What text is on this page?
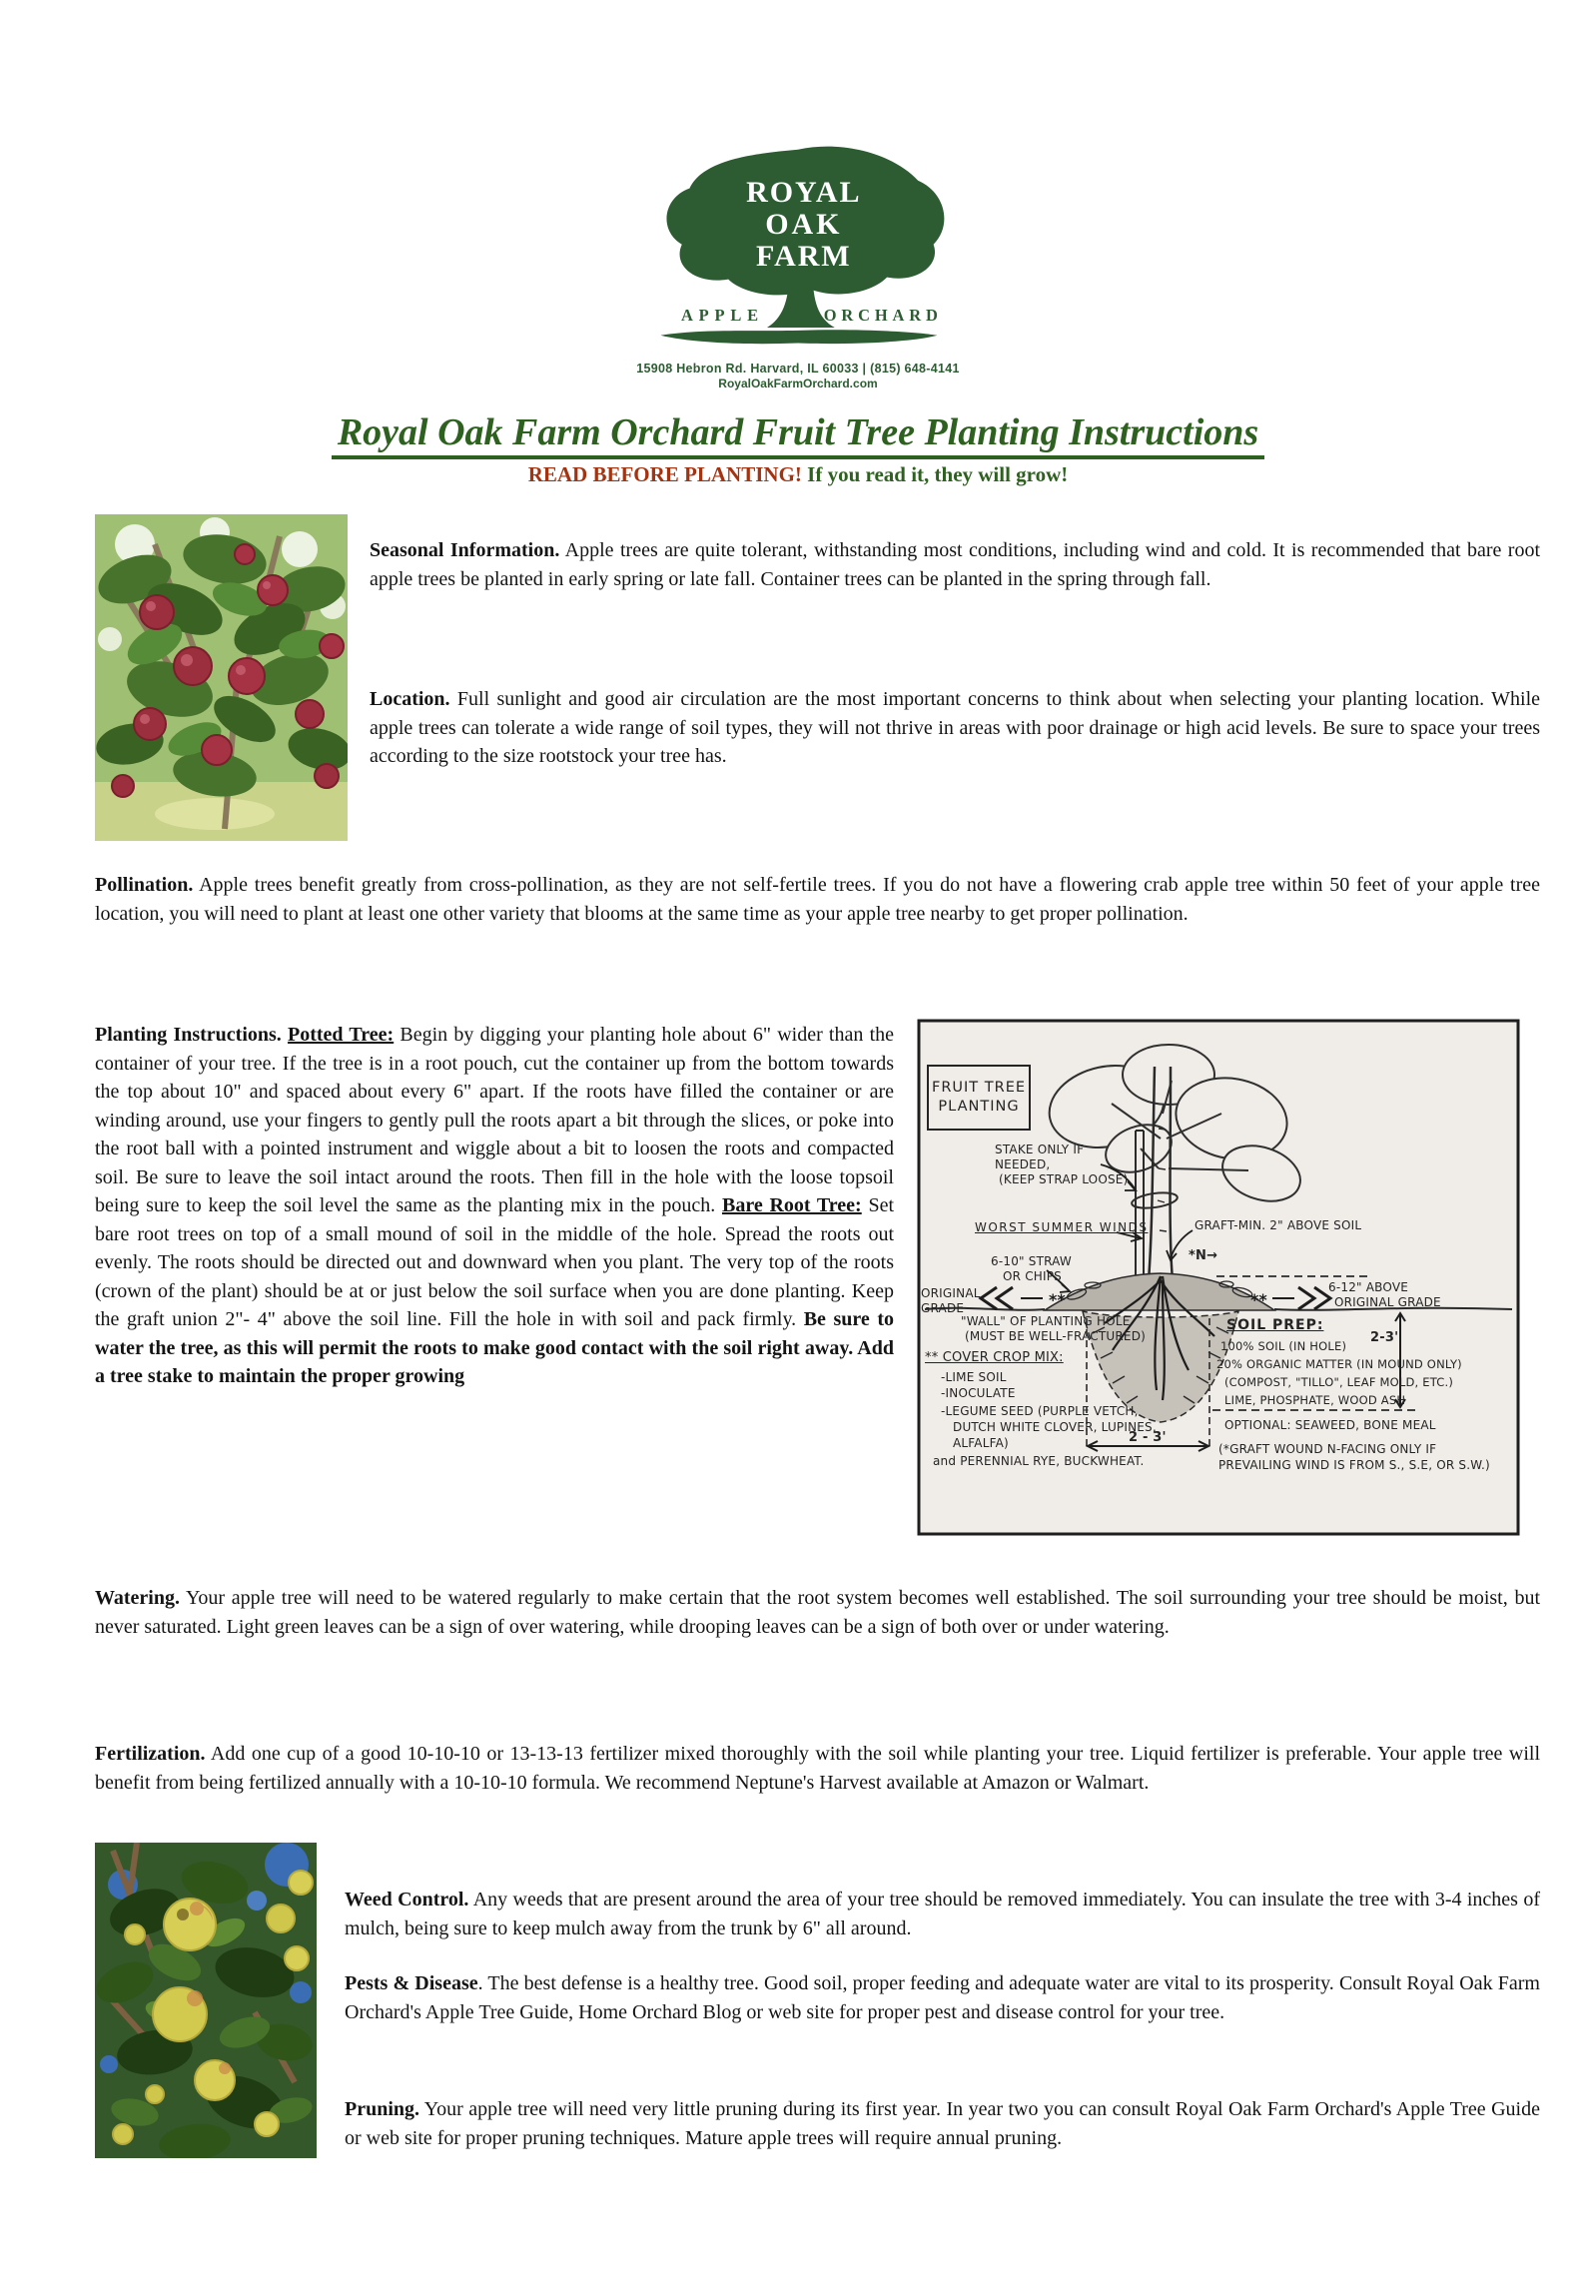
ROYAL
OAK
FARM
APPLE	ORCHARD
15908 Hebron Rd. Harvard, IL 60033 | (815) 648-4141
RoyalOakFarmOrchard.com
Royal Oak Farm Orchard Fruit Tree Planting Instructions
READ BEFORE PLANTING! If you read it, they will grow!

Seasonal Information. Apple trees are quite tolerant, withstanding most conditions, including wind and cold. It is recommended that bare root apple trees be planted in early spring or late fall. Container trees can be planted in the spring through fall.

Location. Full sunlight and good air circulation are the most important concerns to think about when selecting your planting location. While apple trees can tolerate a wide range of soil types, they will not thrive in areas with poor drainage or high acid levels. Be sure to space your trees according to the size rootstock your tree has.

Pollination. Apple trees benefit greatly from cross-pollination, as they are not self-fertile trees. If you do not have a flowering crab apple tree within 50 feet of your apple tree location, you will need to plant at least one other variety that blooms at the same time as your apple tree nearby to get proper pollination.

Planting Instructions. Potted Tree: Begin by digging your planting hole about 6" wider than the container of your tree. If the tree is in a root pouch, cut the container up from the bottom towards the top about 10" and spaced about every 6" apart. If the roots have filled the container or are winding around, use your fingers to gently pull the roots apart a bit through the slices, or poke into the root ball with a pointed instrument and wiggle about a bit to loosen the roots and compacted soil. Be sure to leave the soil intact around the roots. Then fill in the hole with the loose topsoil being sure to keep the soil level the same as the planting mix in the pouch. Bare Root Tree: Set bare root trees on top of a small mound of soil in the middle of the hole. Spread the roots out evenly. The roots should be directed out and downward when you plant. The very top of the roots (crown of the plant) should be at or just below the soil surface when you are done planting. Keep the graft union 2"- 4" above the soil line. Fill the hole in with soil and pack firmly. Be sure to water the tree, as this will permit the roots to make good contact with the soil right away. Add a tree stake to maintain the proper growing

**	**
FRUIT TREE
PLANTING
STAKE ONLY IF
NEEDED,
(KEEP STRAP LOOSE)
WORST SUMMER WINDS	GRAFT-MIN. 2" ABOVE SOIL
6-10" STRAW
OR CHIPS
*N→
ORIGINAL
GRADE
"WALL" OF PLANTING HOLE
(MUST BE WELL-FRACTURED)
6-12" ABOVE
ORIGINAL GRADE
** COVER CROP MIX:
-LIME SOIL
-INOCULATE
-LEGUME SEED (PURPLE VETCH,
DUTCH WHITE CLOVER, LUPINES,
ALFALFA)
and PERENNIAL RYE, BUCKWHEAT.
SOIL PREP:
100% SOIL (IN HOLE)
20% ORGANIC MATTER (IN MOUND ONLY)
(COMPOST, "TILLO", LEAF MOLD, ETC.)
LIME, PHOSPHATE, WOOD ASH
OPTIONAL: SEAWEED, BONE MEAL
2 - 3'
2-3'
(*GRAFT WOUND N-FACING ONLY IF
PREVAILING WIND IS FROM S., S.E, OR S.W.)

Watering. Your apple tree will need to be watered regularly to make certain that the root system becomes well established. The soil surrounding your tree should be moist, but never saturated. Light green leaves can be a sign of over watering, while drooping leaves can be a sign of both over or under watering.

Fertilization. Add one cup of a good 10-10-10 or 13-13-13 fertilizer mixed thoroughly with the soil while planting your tree. Liquid fertilizer is preferable. Your apple tree will benefit from being fertilized annually with a 10-10-10 formula. We recommend Neptune's Harvest available at Amazon or Walmart.

Weed Control. Any weeds that are present around the area of your tree should be removed immediately. You can insulate the tree with 3-4 inches of mulch, being sure to keep mulch away from the trunk by 6" all around.

Pests & Disease. The best defense is a healthy tree. Good soil, proper feeding and adequate water are vital to its prosperity. Consult Royal Oak Farm Orchard's Apple Tree Guide, Home Orchard Blog or web site for proper pest and disease control for your tree.

Pruning. Your apple tree will need very little pruning during its first year. In year two you can consult Royal Oak Farm Orchard's Apple Tree Guide or web site for proper pruning techniques. Mature apple trees will require annual pruning.
